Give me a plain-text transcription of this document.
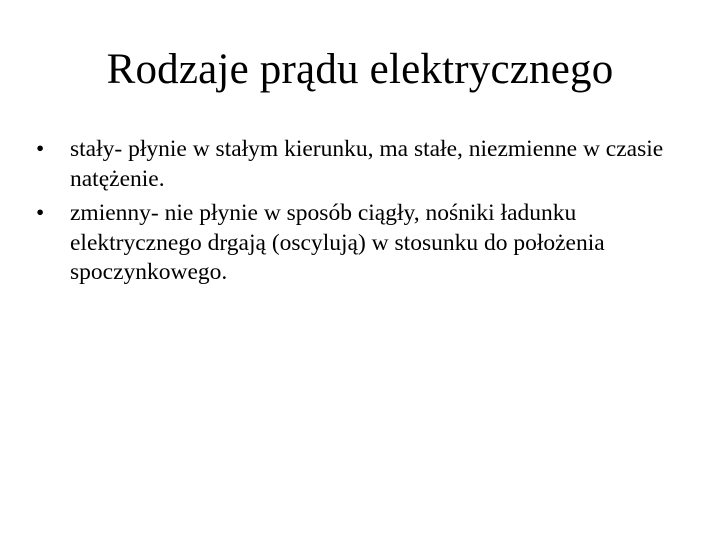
Rodzaje prądu elektrycznego
•	stały- płynie w stałym kierunku, ma stałe, niezmienne w czasie natężenie.
•	zmienny- nie płynie w sposób ciągły, nośniki ładunku elektrycznego drgają (oscylują) w stosunku do położenia spoczynkowego.
